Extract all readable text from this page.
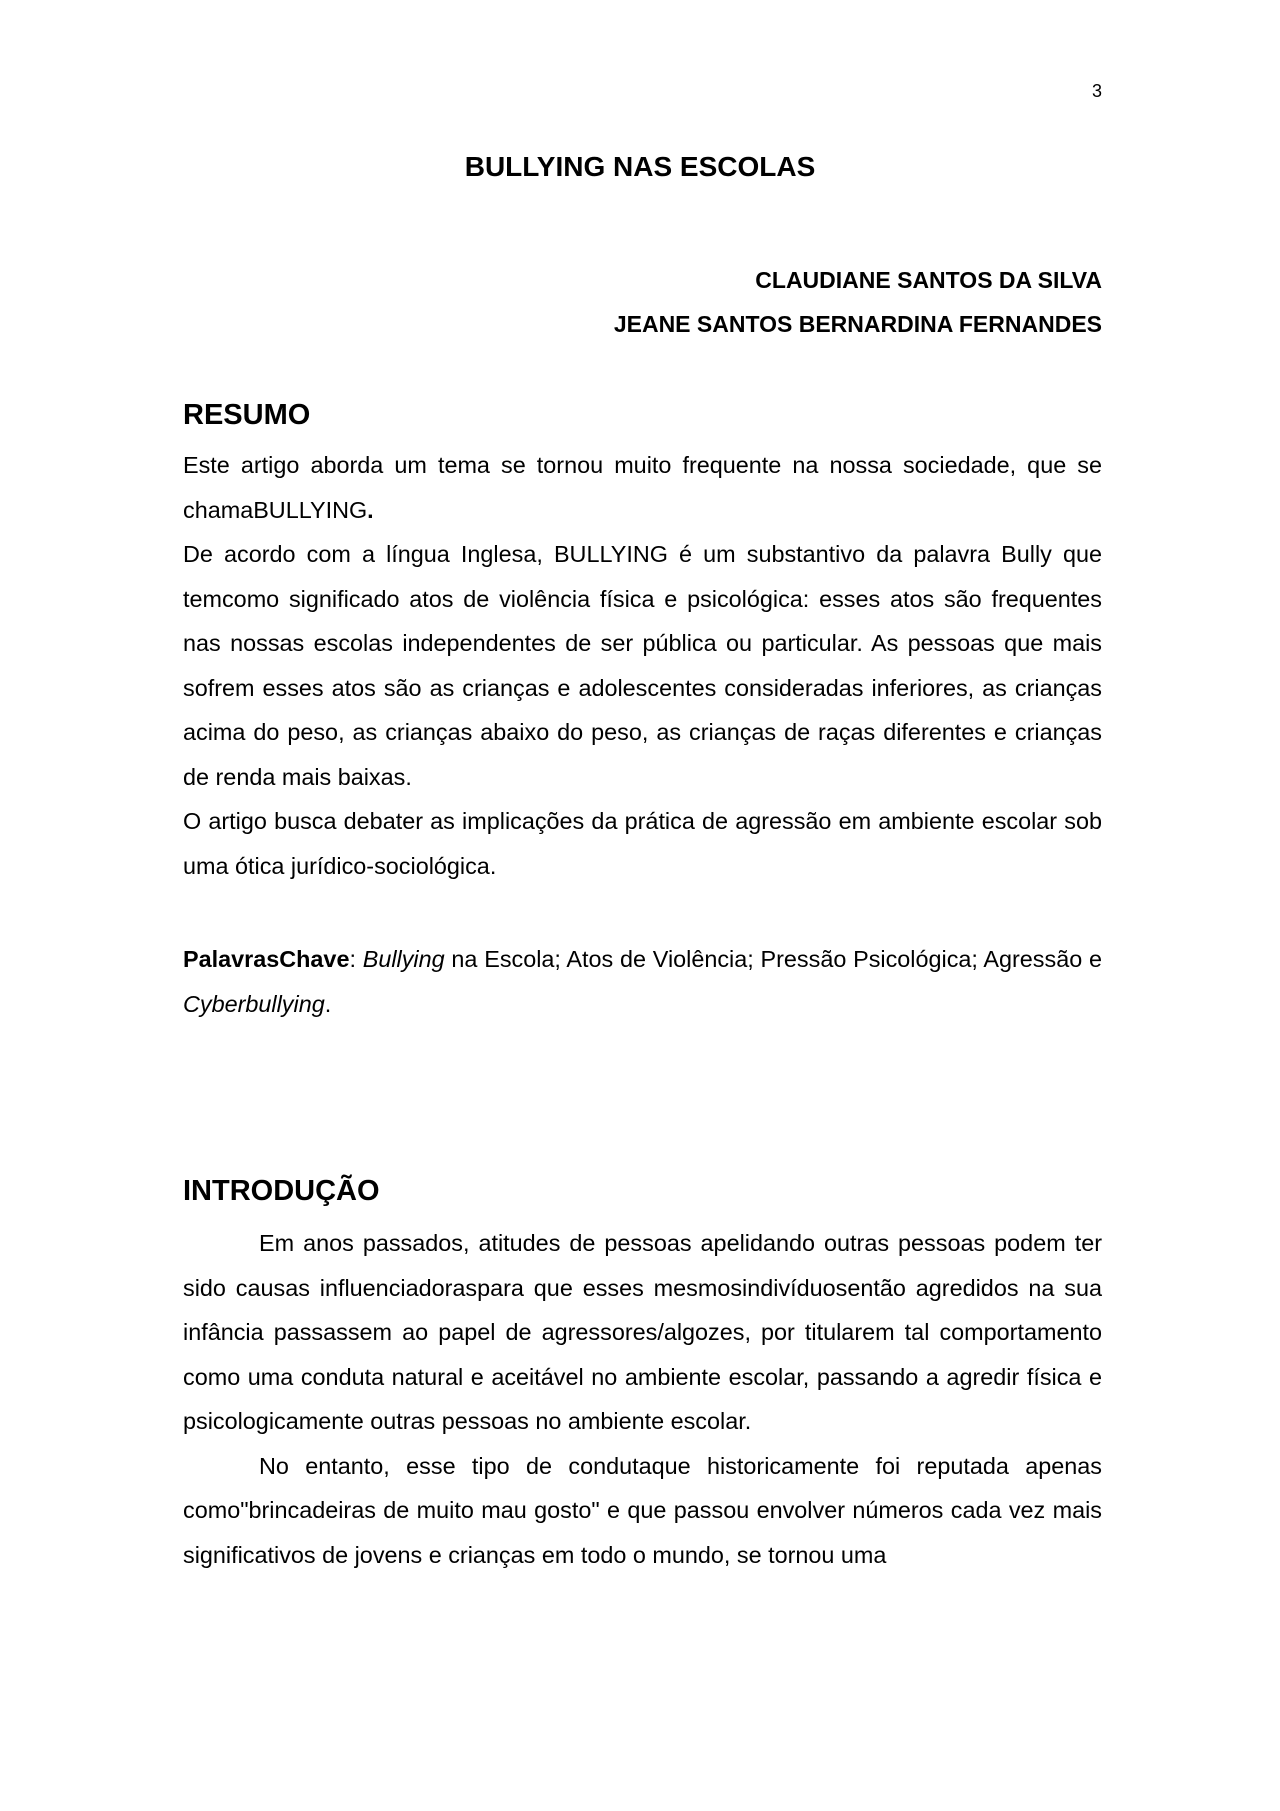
3
BULLYING NAS ESCOLAS
CLAUDIANE SANTOS DA SILVA
JEANE SANTOS BERNARDINA FERNANDES
RESUMO

Este artigo aborda um tema se tornou muito frequente na nossa sociedade, que se chamaBULLYING.

De acordo com a língua Inglesa, BULLYING é um substantivo da palavra Bully que temcomo significado atos de violência física e psicológica: esses atos são frequentes nas nossas escolas independentes de ser pública ou particular. As pessoas que mais sofrem esses atos são as crianças e adolescentes consideradas inferiores, as crianças acima do peso, as crianças abaixo do peso, as crianças de raças diferentes e crianças de renda mais baixas.

O artigo busca debater as implicações da prática de agressão em ambiente escolar sob uma ótica jurídico-sociológica.

PalavrasChave: Bullying na Escola; Atos de Violência; Pressão Psicológica; Agressão e Cyberbullying.

INTRODUÇÃO

Em anos passados, atitudes de pessoas apelidando outras pessoas podem ter sido causas influenciadoraspara que esses mesmosindivíduosentão agredidos na sua infância passassem ao papel de agressores/algozes, por titularem tal comportamento como uma conduta natural e aceitável no ambiente escolar, passando a agredir física e psicologicamente outras pessoas no ambiente escolar.

No entanto, esse tipo de condutaque historicamente foi reputada apenas como"brincadeiras de muito mau gosto" e que passou envolver números cada vez mais significativos de jovens e crianças em todo o mundo, se tornou uma
